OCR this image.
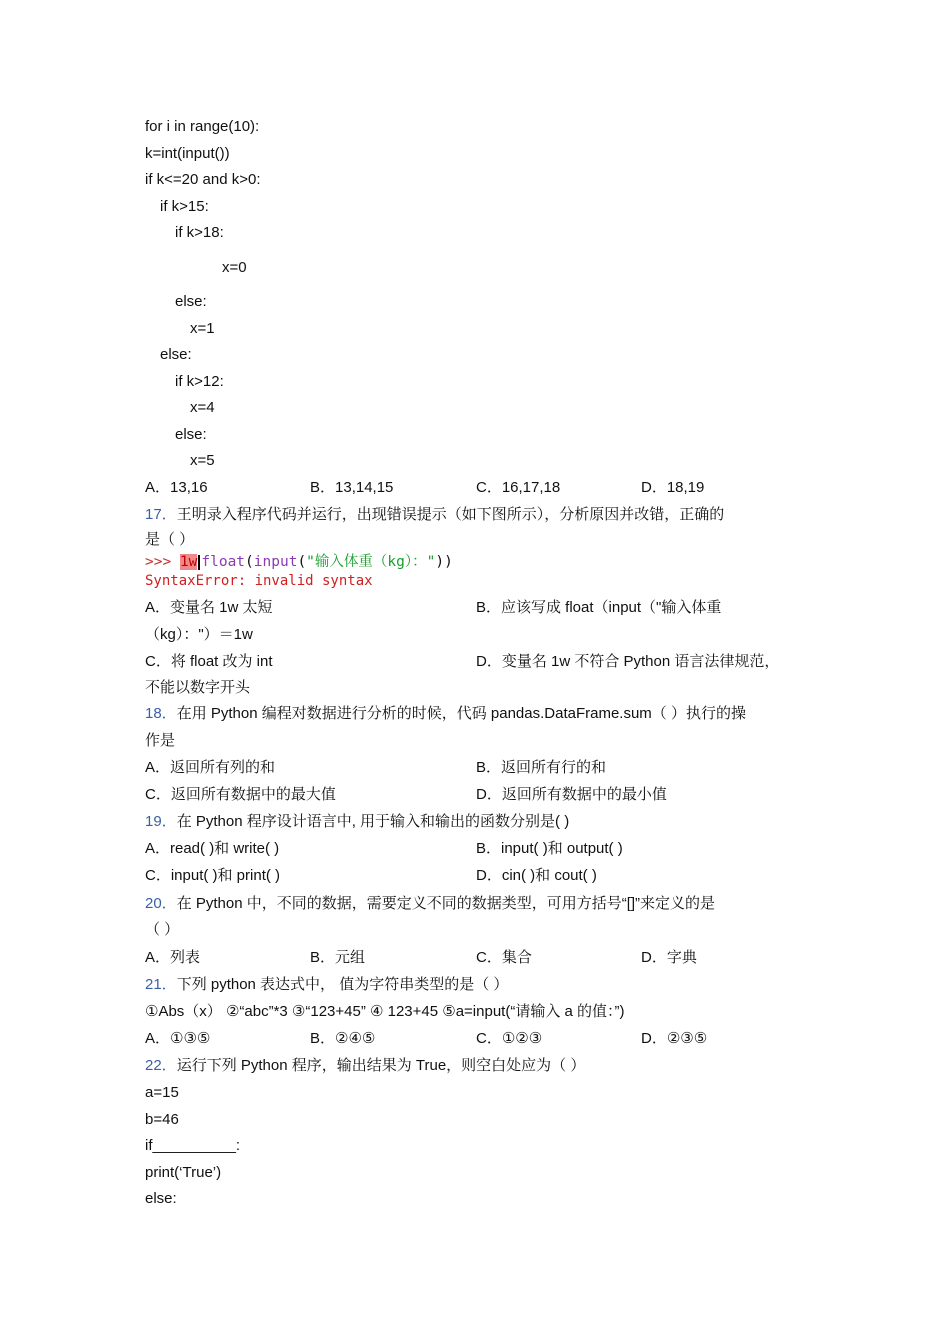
for i in range(10):
k=int(input())
if k<=20 and k>0:
if k>15:
if k>18:
x=0
else:
x=1
else:
if k>12:
x=4
else:
x=5
A．13,16	B．13,14,15	C．16,17,18	D．18,19
17．王明录入程序代码并运行，出现错误提示（如下图所示），分析原因并改错，正确的
是（ ）
>>> 1w float(input("输入体重（kg）："))
SyntaxError: invalid syntax
A．变量名 1w 太短	B．应该写成 float（input（"输入体重
（kg）："）＝1w
C．将 float 改为 int	D．变量名 1w 不符合 Python 语言法律规范，
不能以数字开头
18．在用 Python 编程对数据进行分析的时候，代码 pandas.DataFrame.sum（ ）执行的操
作是
A．返回所有列的和	B．返回所有行的和
C．返回所有数据中的最大值	D．返回所有数据中的最小值
19．在 Python 程序设计语言中, 用于输入和输出的函数分别是( )
A．read( )和 write( )	B．input( )和 output( )
C．input( )和 print( )	D．cin( )和 cout( )
20．在 Python 中，不同的数据，需要定义不同的数据类型，可用方括号“[]”来定义的是
（ ）
A．列表	B．元组	C．集合	D．字典
21．下列 python 表达式中， 值为字符串类型的是（ ）
①Abs（x） ②“abc”*3 ③“123+45” ④ 123+45 ⑤a=input(“请输入 a 的值：”)
A．①③⑤	B．②④⑤	C．①②③	D．②③⑤
22．运行下列 Python 程序，输出结果为 True，则空白处应为（ ）
a=15
b=46
if__________:
print(‘True’)
else:
